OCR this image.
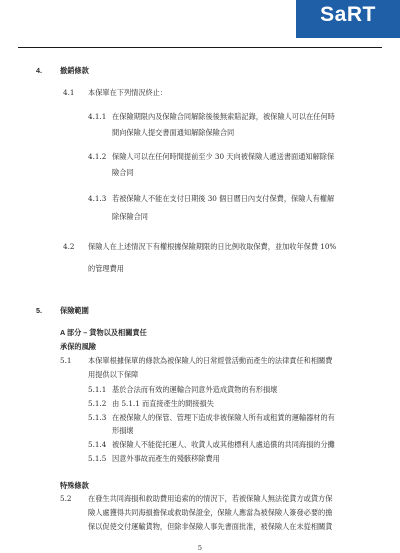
SaRT
4.	撤銷條款
4.1 本保單在下列情況終止：
4.1.1 在保險期限內及保險合同解除後後無索賠記錄，被保險人可以在任何時
間向保險人提交書面通知解除保險合同
4.1.2 保險人可以在任何時間提前至少 30 天向被保險人遞送書面通知解除保
險合同
4.1.3 若被保險人不能在支付日期後 30 個日曆日內支付保費，保險人有權解
除保險合同
4.2 保險人在上述情況下有權根據保險期限的日比例收取保費，並加收年保費 10%
的管理費用
5.	保險範圍
A 部分 – 貨物以及相關責任
承保的風險
5.1 本保單根據保單的條款為被保險人的日常經營活動而產生的法律責任和相關費
用提供以下保障
5.1.1 基於合法而有效的運輸合同意外造成貨物的有形損壞
5.1.2 由 5.1.1 而直接產生的間接損失
5.1.3 在被保險人的保管、管理下造成非被保險人所有或租賃的運輸器材的有
形損壞
5.1.4 被保險人不能從托運人、收貨人或其他標利人處追償的共同海損的分攤
5.1.5 因意外事故而產生的殘骸移除費用
特殊條款
5.2 在發生共同海損和救助費用追索的的情況下，若被保險人無法從貨方或貨方保
險人處獲得共同海損擔保或救助保證金，保險人應當為被保險人簽發必要的擔
保以促使交付運輸貨物，但除非保險人事先書面批准，被保險人在未從相關貨
5
